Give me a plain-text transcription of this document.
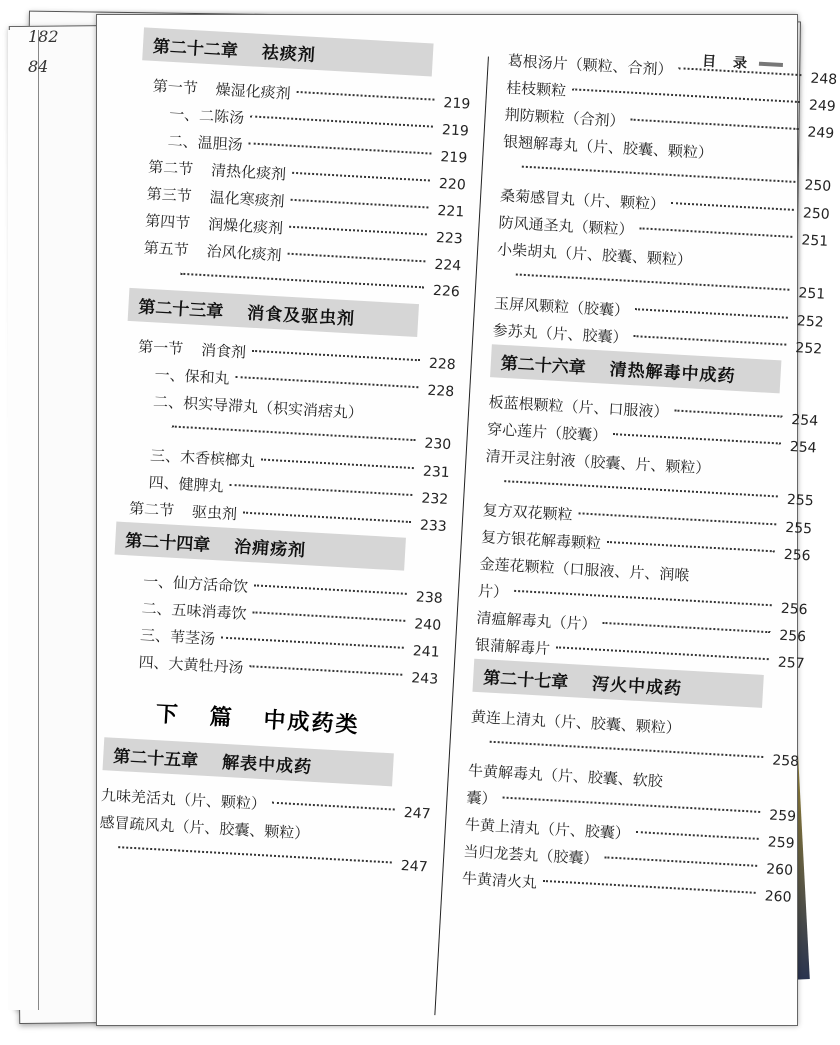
182
84	目 录
第二十二章 祛痰剂
第一节 燥湿化痰剂
219
一、二陈汤
219
二、温胆汤
219
第二节 清热化痰剂
220
第三节 温化寒痰剂
221
第四节 润燥化痰剂
223
第五节 治风化痰剂
224
226
第二十三章 消食及驱虫剂
第一节 消食剂
228
一、保和丸
228
二、枳实导滞丸（枳实消痞丸）
230
三、木香槟榔丸
231
四、健脾丸
232
第二节 驱虫剂
233
第二十四章 治痈疡剂
一、仙方活命饮
238
二、五味消毒饮
240
三、苇茎汤
241
四、大黄牡丹汤
243
下 篇 中成药类
第二十五章 解表中成药
九味羌活丸（片、颗粒）
247
感冒疏风丸（片、胶囊、颗粒）
247
葛根汤片（颗粒、合剂）
248
桂枝颗粒
249
荆防颗粒（合剂）
249
银翘解毒丸（片、胶囊、颗粒）
250
桑菊感冒丸（片、颗粒）
250
防风通圣丸（颗粒）
251
小柴胡丸（片、胶囊、颗粒）
251
玉屏风颗粒（胶囊）
252
参苏丸（片、胶囊）
252
第二十六章 清热解毒中成药
板蓝根颗粒（片、口服液）	254
穿心莲片（胶囊）
254
清开灵注射液（胶囊、片、颗粒）
255
复方双花颗粒
255
复方银花解毒颗粒
256
金莲花颗粒（口服液、片、润喉
片）
256
清瘟解毒丸（片）
256
银蒲解毒片
257
第二十七章 泻火中成药
黄连上清丸（片、胶囊、颗粒）
258
牛黄解毒丸（片、胶囊、软胶
囊）
259
牛黄上清丸（片、胶囊）
259
当归龙荟丸（胶囊）
260
牛黄清火丸
260
